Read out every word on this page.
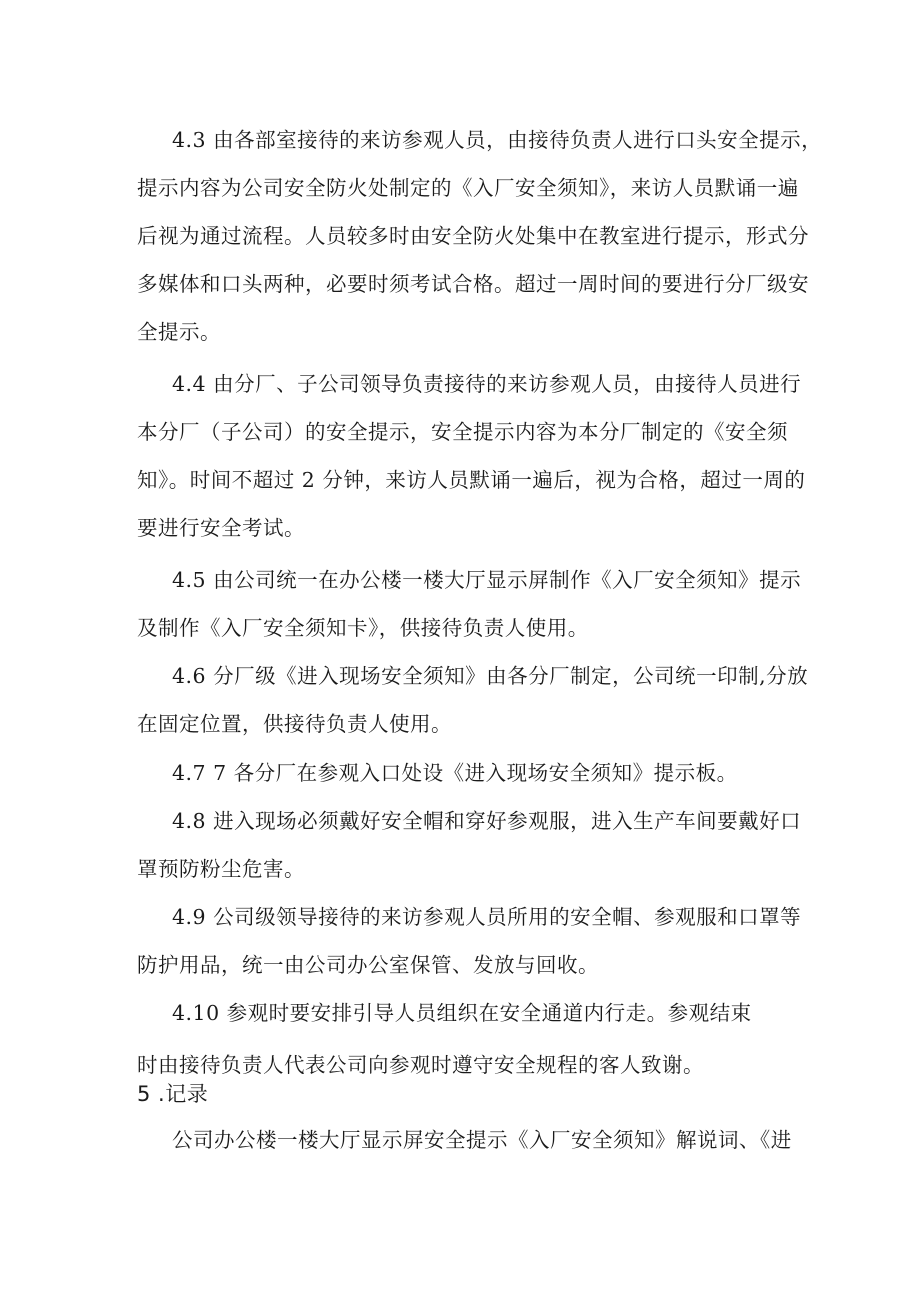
4.3 由各部室接待的来访参观人员，由接待负责人进行口头安全提示，
提示内容为公司安全防火处制定的《入厂安全须知》，来访人员默诵一遍
后视为通过流程。人员较多时由安全防火处集中在教室进行提示，形式分
多媒体和口头两种，必要时须考试合格。超过一周时间的要进行分厂级安
全提示。
4.4 由分厂、子公司领导负责接待的来访参观人员，由接待人员进行
本分厂（子公司）的安全提示，安全提示内容为本分厂制定的《安全须
知》。时间不超过 2 分钟，来访人员默诵一遍后，视为合格，超过一周的
要进行安全考试。
4.5 由公司统一在办公楼一楼大厅显示屏制作《入厂安全须知》提示
及制作《入厂安全须知卡》，供接待负责人使用。
4.6 分厂级《进入现场安全须知》由各分厂制定，公司统一印制,分放
在固定位置，供接待负责人使用。
4.7 7 各分厂在参观入口处设《进入现场安全须知》提示板。
4.8 进入现场必须戴好安全帽和穿好参观服，进入生产车间要戴好口
罩预防粉尘危害。
4.9 公司级领导接待的来访参观人员所用的安全帽、参观服和口罩等
防护用品，统一由公司办公室保管、发放与回收。
4.10 参观时要安排引导人员组织在安全通道内行走。参观结束
时由接待负责人代表公司向参观时遵守安全规程的客人致谢。
5 .记录
公司办公楼一楼大厅显示屏安全提示《入厂安全须知》解说词、《进
